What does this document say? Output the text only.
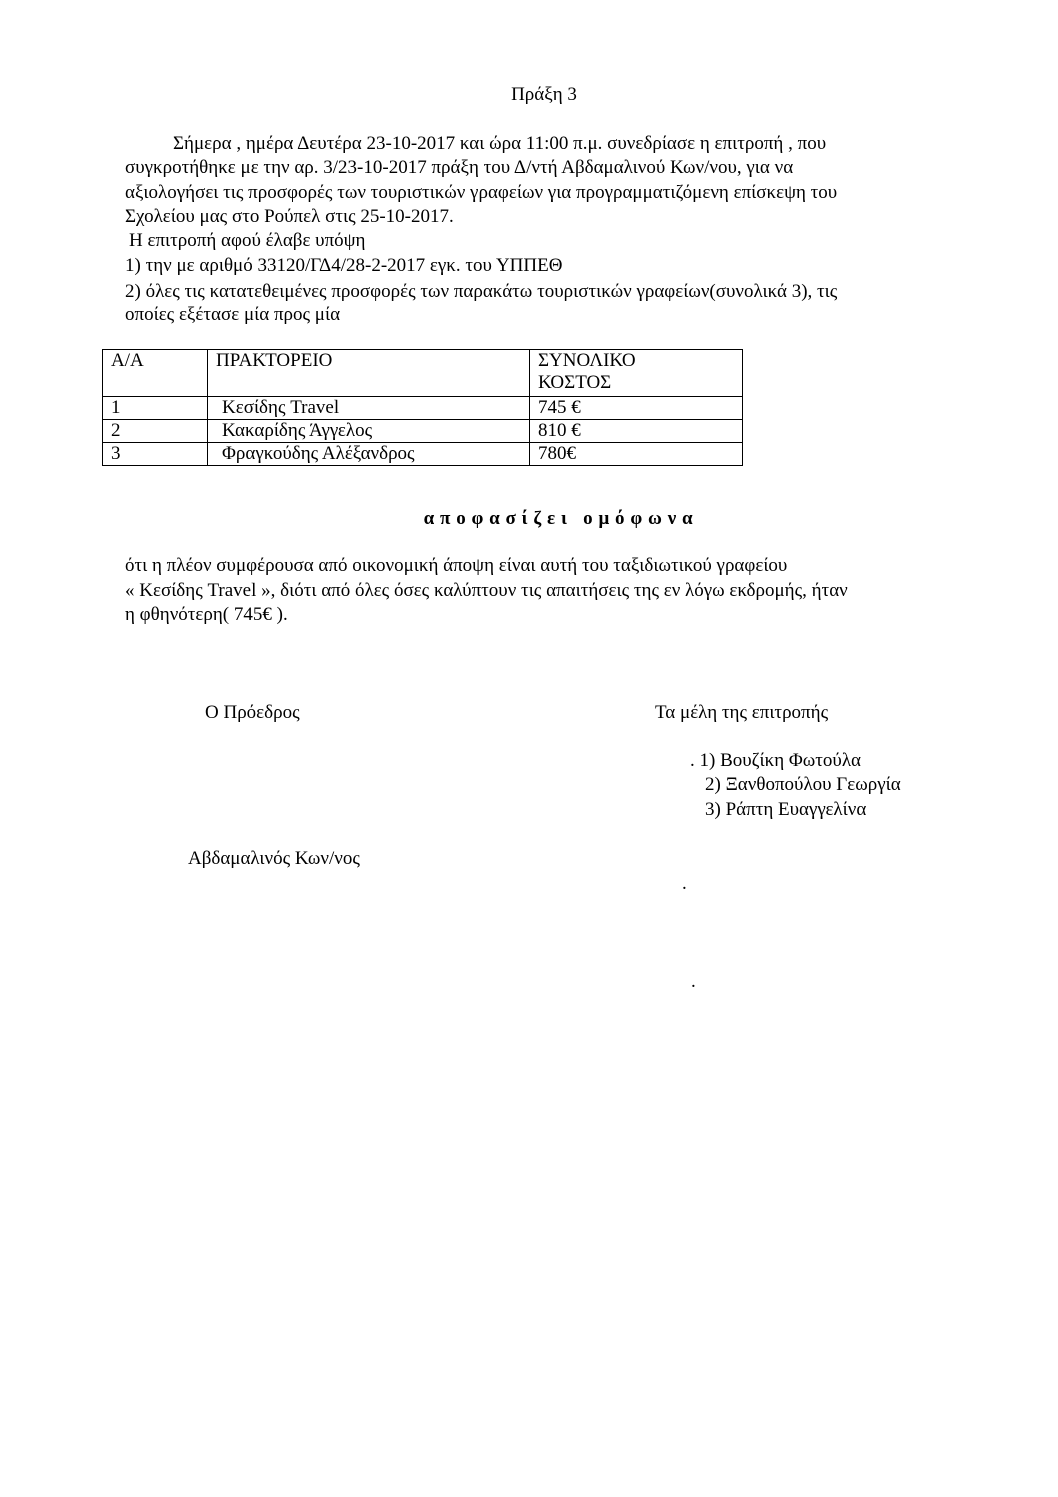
Πράξη 3
Σήμερα , ημέρα Δευτέρα 23-10-2017 και ώρα 11:00 π.μ. συνεδρίασε η επιτροπή , που
συγκροτήθηκε με την αρ. 3/23-10-2017 πράξη του Δ/ντή Αβδαμαλινού Κων/νου, για να
αξιολογήσει τις προσφορές των τουριστικών γραφείων για προγραμματιζόμενη επίσκεψη του
Σχολείου μας στο Ρούπελ στις 25-10-2017.
Η επιτροπή αφού έλαβε υπόψη
1) την με αριθμό 33120/ΓΔ4/28-2-2017 εγκ. του ΥΠΠΕΘ
2) όλες τις κατατεθειμένες προσφορές των παρακάτω τουριστικών γραφείων(συνολικά 3), τις
οποίες εξέτασε μία προς μία
Α/Α	ΠΡΑΚΤΟΡΕΙΟ	ΣΥΝΟΛΙΚΟ
ΚΟΣΤΟΣ
1	Κεσίδης Travel	745 €
2	Κακαρίδης Άγγελος	810 €
3	Φραγκούδης Αλέξανδρος	780€
αποφασίζει ομόφωνα
ότι η πλέον συμφέρουσα από οικονομική άποψη είναι αυτή του ταξιδιωτικού γραφείου
« Κεσίδης Travel », διότι από όλες όσες καλύπτουν τις απαιτήσεις της εν λόγω εκδρομής, ήταν
η φθηνότερη( 745€ ).
Ο Πρόεδρος	Τα μέλη της επιτροπής
. 1) Βουζίκη Φωτούλα
2) Ξανθοπούλου Γεωργία
3) Ράπτη Ευαγγελίνα
Αβδαμαλινός Κων/νος
.
.
